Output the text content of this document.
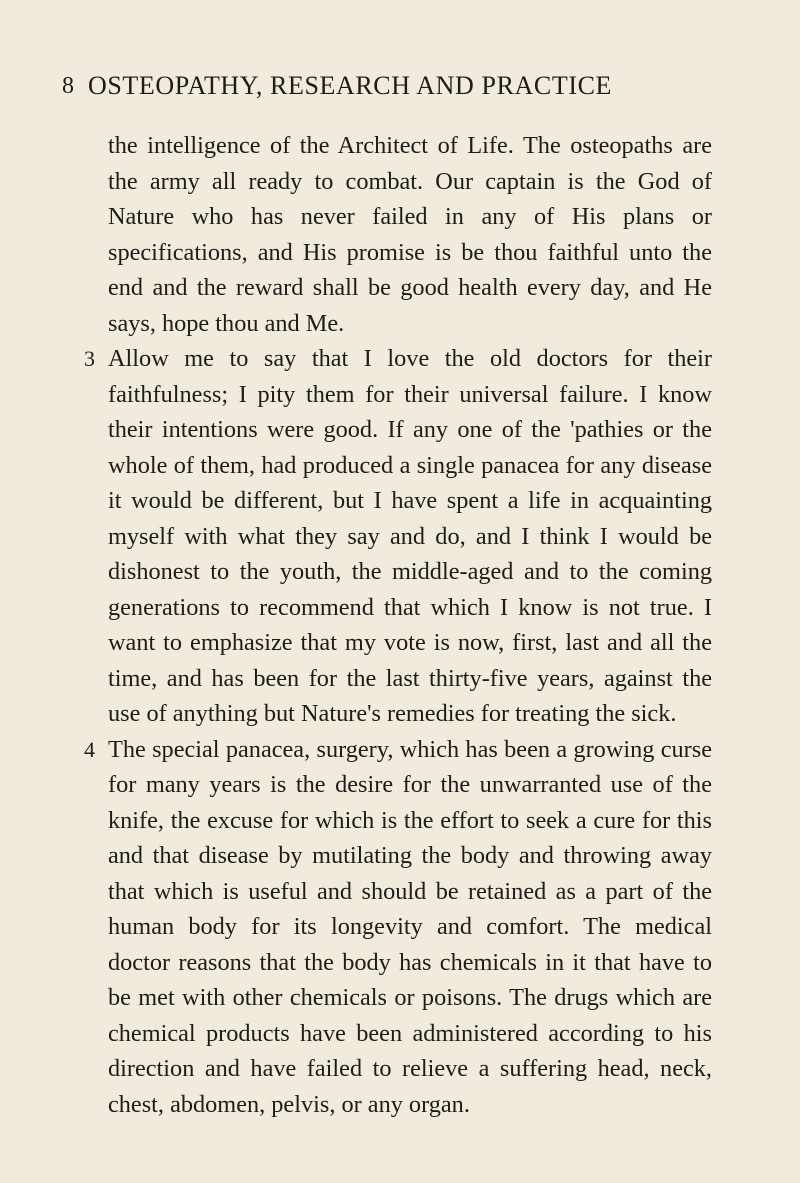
8 OSTEOPATHY, RESEARCH AND PRACTICE

the intelligence of the Architect of Life. The osteopaths are the army all ready to combat. Our captain is the God of Nature who has never failed in any of His plans or specifications, and His promise is be thou faithful unto the end and the reward shall be good health every day, and He says, hope thou and Me.

3 Allow me to say that I love the old doctors for their faithfulness; I pity them for their universal failure. I know their intentions were good. If any one of the 'pathies or the whole of them, had produced a single panacea for any disease it would be different, but I have spent a life in acquainting myself with what they say and do, and I think I would be dishonest to the youth, the middle-aged and to the coming generations to recommend that which I know is not true. I want to emphasize that my vote is now, first, last and all the time, and has been for the last thirty-five years, against the use of anything but Nature's remedies for treating the sick.

4 The special panacea, surgery, which has been a growing curse for many years is the desire for the unwarranted use of the knife, the excuse for which is the effort to seek a cure for this and that disease by mutilating the body and throwing away that which is useful and should be retained as a part of the human body for its longevity and comfort. The medical doctor reasons that the body has chemicals in it that have to be met with other chemicals or poisons. The drugs which are chemical products have been administered according to his direction and have failed to relieve a suffering head, neck, chest, abdomen, pelvis, or any organ.
